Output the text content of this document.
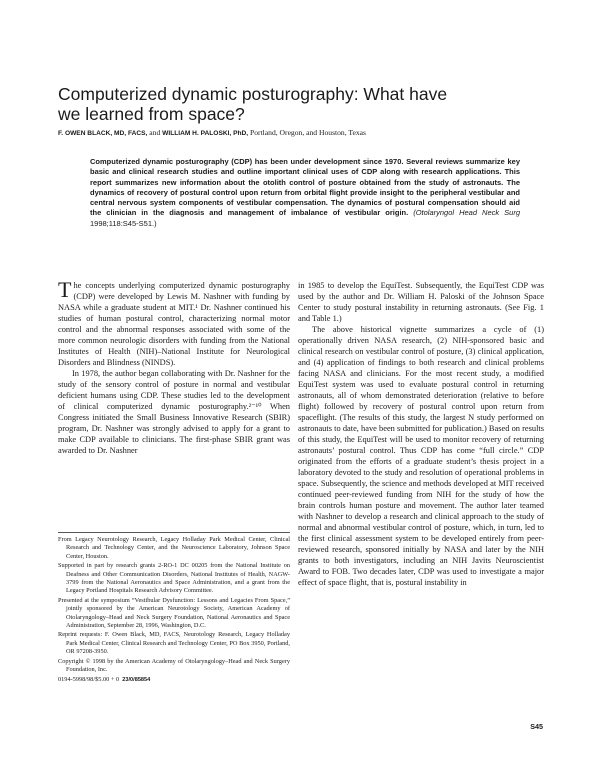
Computerized dynamic posturography: What have
we learned from space?
F. OWEN BLACK, MD, FACS, and WILLIAM H. PALOSKI, PhD, Portland, Oregon, and Houston, Texas
Computerized dynamic posturography (CDP) has been under development since 1970. Several reviews summarize key basic and clinical research studies and outline important clinical uses of CDP along with research applications. This report summarizes new information about the otolith control of posture obtained from the study of astronauts. The dynamics of recovery of postural control upon return from orbital flight provide insight to the peripheral vestibular and central nervous system components of vestibular compensation. The dynamics of postural compensation should aid the clinician in the diagnosis and management of imbalance of vestibular origin. (Otolaryngol Head Neck Surg 1998;118:S45-S51.)

The concepts underlying computerized dynamic posturography (CDP) were developed by Lewis M. Nashner with funding by NASA while a graduate student at MIT.¹ Dr. Nashner continued his studies of human postural control, characterizing normal motor control and the abnormal responses associated with some of the more common neurologic disorders with funding from the National Institutes of Health (NIH)–National Institute for Neurological Disorders and Blindness (NINDS).

In 1978, the author began collaborating with Dr. Nashner for the study of the sensory control of posture in normal and vestibular deficient humans using CDP. These studies led to the development of clinical computerized dynamic posturography.²⁻¹⁰ When Congress initiated the Small Business Innovative Research (SBIR) program, Dr. Nashner was strongly advised to apply for a grant to make CDP available to clinicians. The first-phase SBIR grant was awarded to Dr. Nashner

in 1985 to develop the EquiTest. Subsequently, the EquiTest CDP was used by the author and Dr. William H. Paloski of the Johnson Space Center to study postural instability in returning astronauts. (See Fig. 1 and Table 1.)

The above historical vignette summarizes a cycle of (1) operationally driven NASA research, (2) NIH-sponsored basic and clinical research on vestibular control of posture, (3) clinical application, and (4) application of findings to both research and clinical problems facing NASA and clinicians. For the most recent study, a modified EquiTest system was used to evaluate postural control in returning astronauts, all of whom demonstrated deterioration (relative to before flight) followed by recovery of postural control upon return from spaceflight. (The results of this study, the largest N study performed on astronauts to date, have been submitted for publication.) Based on results of this study, the EquiTest will be used to monitor recovery of returning astronauts’ postural control. Thus CDP has come “full circle.” CDP originated from the efforts of a graduate student’s thesis project in a laboratory devoted to the study and resolution of operational problems in space. Subsequently, the science and methods developed at MIT received continued peer-reviewed funding from NIH for the study of how the brain controls human posture and movement. The author later teamed with Nashner to develop a research and clinical approach to the study of normal and abnormal vestibular control of posture, which, in turn, led to the first clinical assessment system to be developed entirely from peer-reviewed research, sponsored initially by NASA and later by the NIH grants to both investigators, including an NIH Javits Neuroscientist Award to FOB. Two decades later, CDP was used to investigate a major effect of space flight, that is, postural instability in

From Legacy Neurotology Research, Legacy Holladay Park Medical Center, Clinical Research and Technology Center, and the Neuroscience Laboratory, Johnson Space Center, Houston.

Supported in part by research grants 2-RO-1 DC 00205 from the National Institute on Deafness and Other Communication Disorders, National Institutes of Health, NAGW-3799 from the National Aeronautics and Space Administration, and a grant from the Legacy Portland Hospitals Research Advisory Committee.

Presented at the symposium “Vestibular Dysfunction: Lessons and Legacies From Space,” jointly sponsored by the American Neurotology Society, American Academy of Otolaryngology–Head and Neck Surgery Foundation, National Aeronautics and Space Administration, September 28, 1996, Washington, D.C.

Reprint requests: F. Owen Black, MD, FACS, Neurotology Research, Legacy Holladay Park Medical Center, Clinical Research and Technology Center, PO Box 3950, Portland, OR 97208-3950.

Copyright © 1998 by the American Academy of Otolaryngology–Head and Neck Surgery Foundation, Inc.

0194-5998/98/$5.00 + 0 23/0/85854

S45
